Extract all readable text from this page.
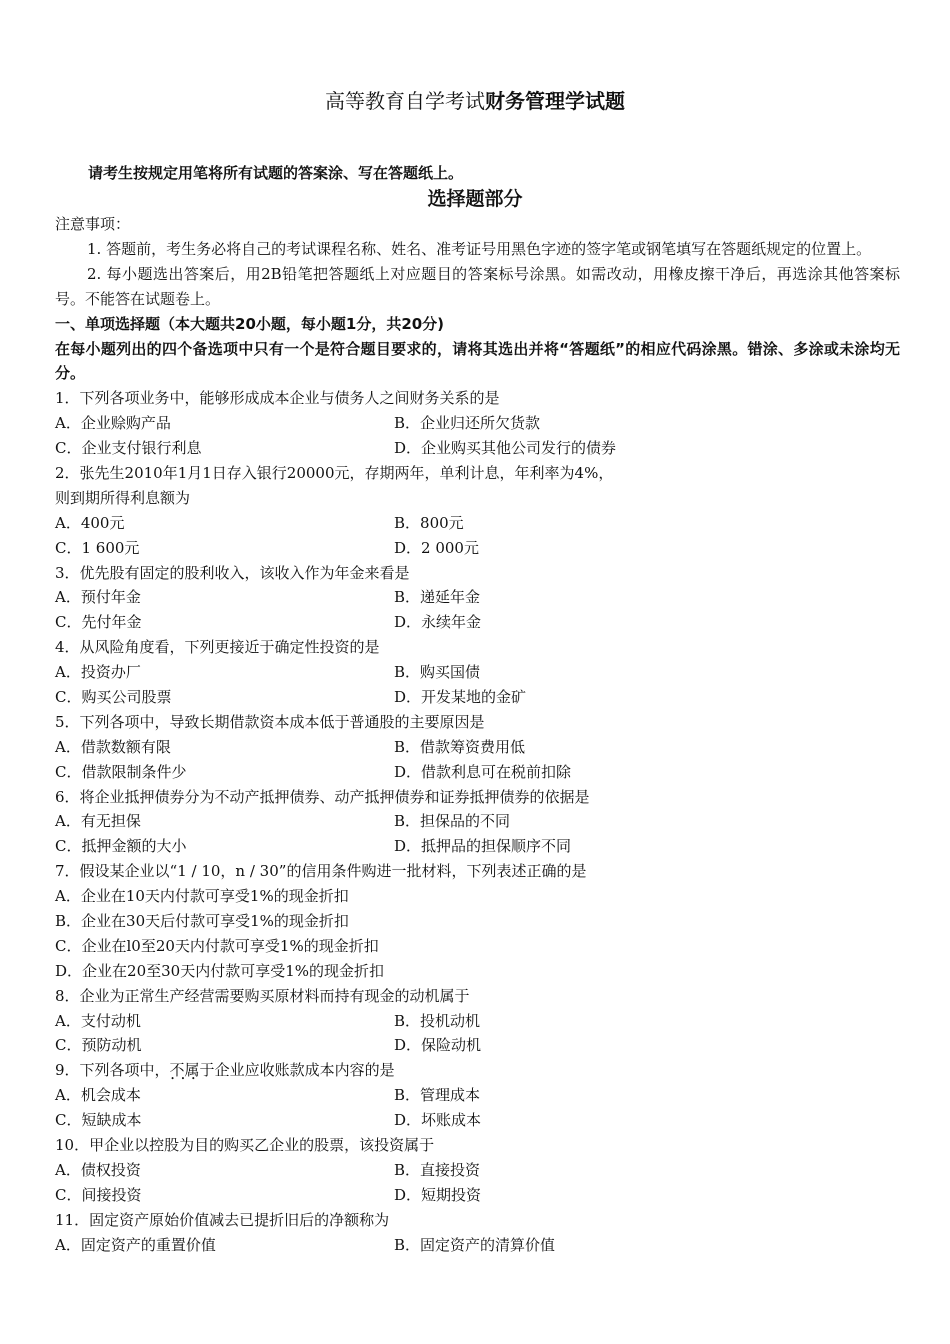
高等教育自学考试财务管理学试题
请考生按规定用笔将所有试题的答案涂、写在答题纸上。
选择题部分
注意事项：
1. 答题前，考生务必将自己的考试课程名称、姓名、准考证号用黑色字迹的签字笔或钢笔填写在答题纸规定的位置上。
2. 每小题选出答案后，用2B铅笔把答题纸上对应题目的答案标号涂黑。如需改动，用橡皮擦干净后，再选涂其他答案标号。不能答在试题卷上。
一、单项选择题（本大题共20小题，每小题1分，共20分)
在每小题列出的四个备选项中只有一个是符合题目要求的，请将其选出并将“答题纸”的相应代码涂黑。错涂、多涂或未涂均无分。
1．下列各项业务中，能够形成成本企业与债务人之间财务关系的是
A．企业赊购产品	B．企业归还所欠货款
C．企业支付银行利息	D．企业购买其他公司发行的债券
2．张先生2010年1月1日存入银行20000元，存期两年，单利计息，年利率为4%，
则到期所得利息额为
A．400元	B．800元
C．1 600元	D．2 000元
3．优先股有固定的股利收入，该收入作为年金来看是
A．预付年金	B．递延年金
C．先付年金	D．永续年金
4．从风险角度看，下列更接近于确定性投资的是
A．投资办厂	B．购买国债
C．购买公司股票	D．开发某地的金矿
5．下列各项中，导致长期借款资本成本低于普通股的主要原因是
A．借款数额有限	B．借款筹资费用低
C．借款限制条件少	D．借款利息可在税前扣除
6．将企业抵押债券分为不动产抵押债券、动产抵押债券和证券抵押债券的依据是
A．有无担保	B．担保品的不同
C．抵押金额的大小	D．抵押品的担保顺序不同
7．假设某企业以“1 / 10，n / 30”的信用条件购进一批材料，下列表述正确的是
A．企业在10天内付款可享受1%的现金折扣
B．企业在30天后付款可享受1%的现金折扣
C．企业在l0至20天内付款可享受1%的现金折扣
D．企业在20至30天内付款可享受1%的现金折扣
8．企业为正常生产经营需要购买原材料而持有现金的动机属于
A．支付动机	B．投机动机
C．预防动机	D．保险动机
9．下列各项中，不属于 • • •企业应收账款成本内容的是
A．机会成本	B．管理成本
C．短缺成本	D．坏账成本
10．甲企业以控股为目的购买乙企业的股票，该投资属于
A．债权投资	B．直接投资
C．间接投资	D．短期投资
11．固定资产原始价值减去已提折旧后的净额称为
A．固定资产的重置价值	B．固定资产的清算价值
